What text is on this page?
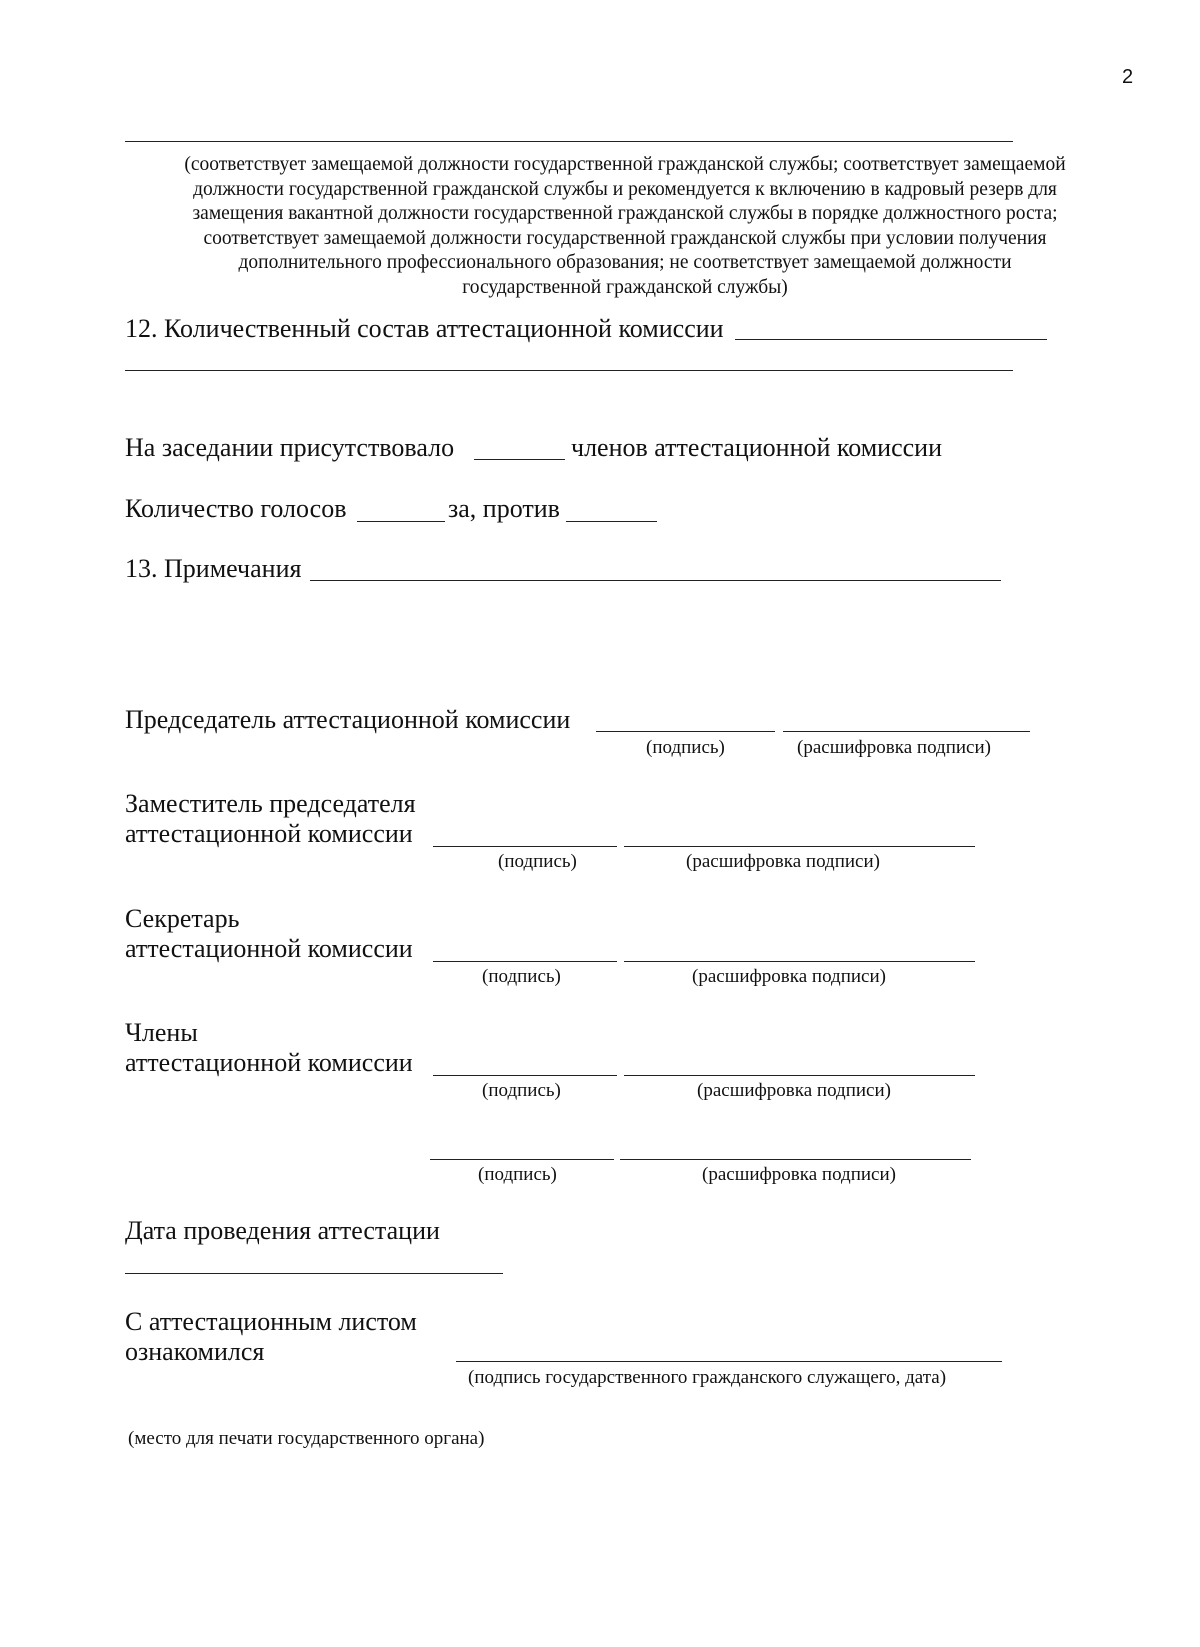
2
(соответствует замещаемой должности государственной гражданской службы; соответствует замещаемой
должности государственной гражданской службы и рекомендуется к включению в кадровый резерв для
замещения вакантной должности государственной гражданской службы в порядке должностного роста;
соответствует замещаемой должности государственной гражданской службы при условии получения
дополнительного профессионального образования; не соответствует замещаемой должности
государственной гражданской службы)
12. Количественный состав аттестационной комиссии
На заседании присутствовало	членов аттестационной комиссии
Количество голосов	за, против
13. Примечания
Председатель аттестационной комиссии
(подпись)	(расшифровка подписи)
Заместитель председателя
аттестационной комиссии
(подпись)	(расшифровка подписи)
Секретарь
аттестационной комиссии
(подпись)	(расшифровка подписи)
Члены
аттестационной комиссии
(подпись)	(расшифровка подписи)
(подпись)	(расшифровка подписи)
Дата проведения аттестации
С аттестационным листом
ознакомился
(подпись государственного гражданского служащего, дата)
(место для печати государственного органа)
